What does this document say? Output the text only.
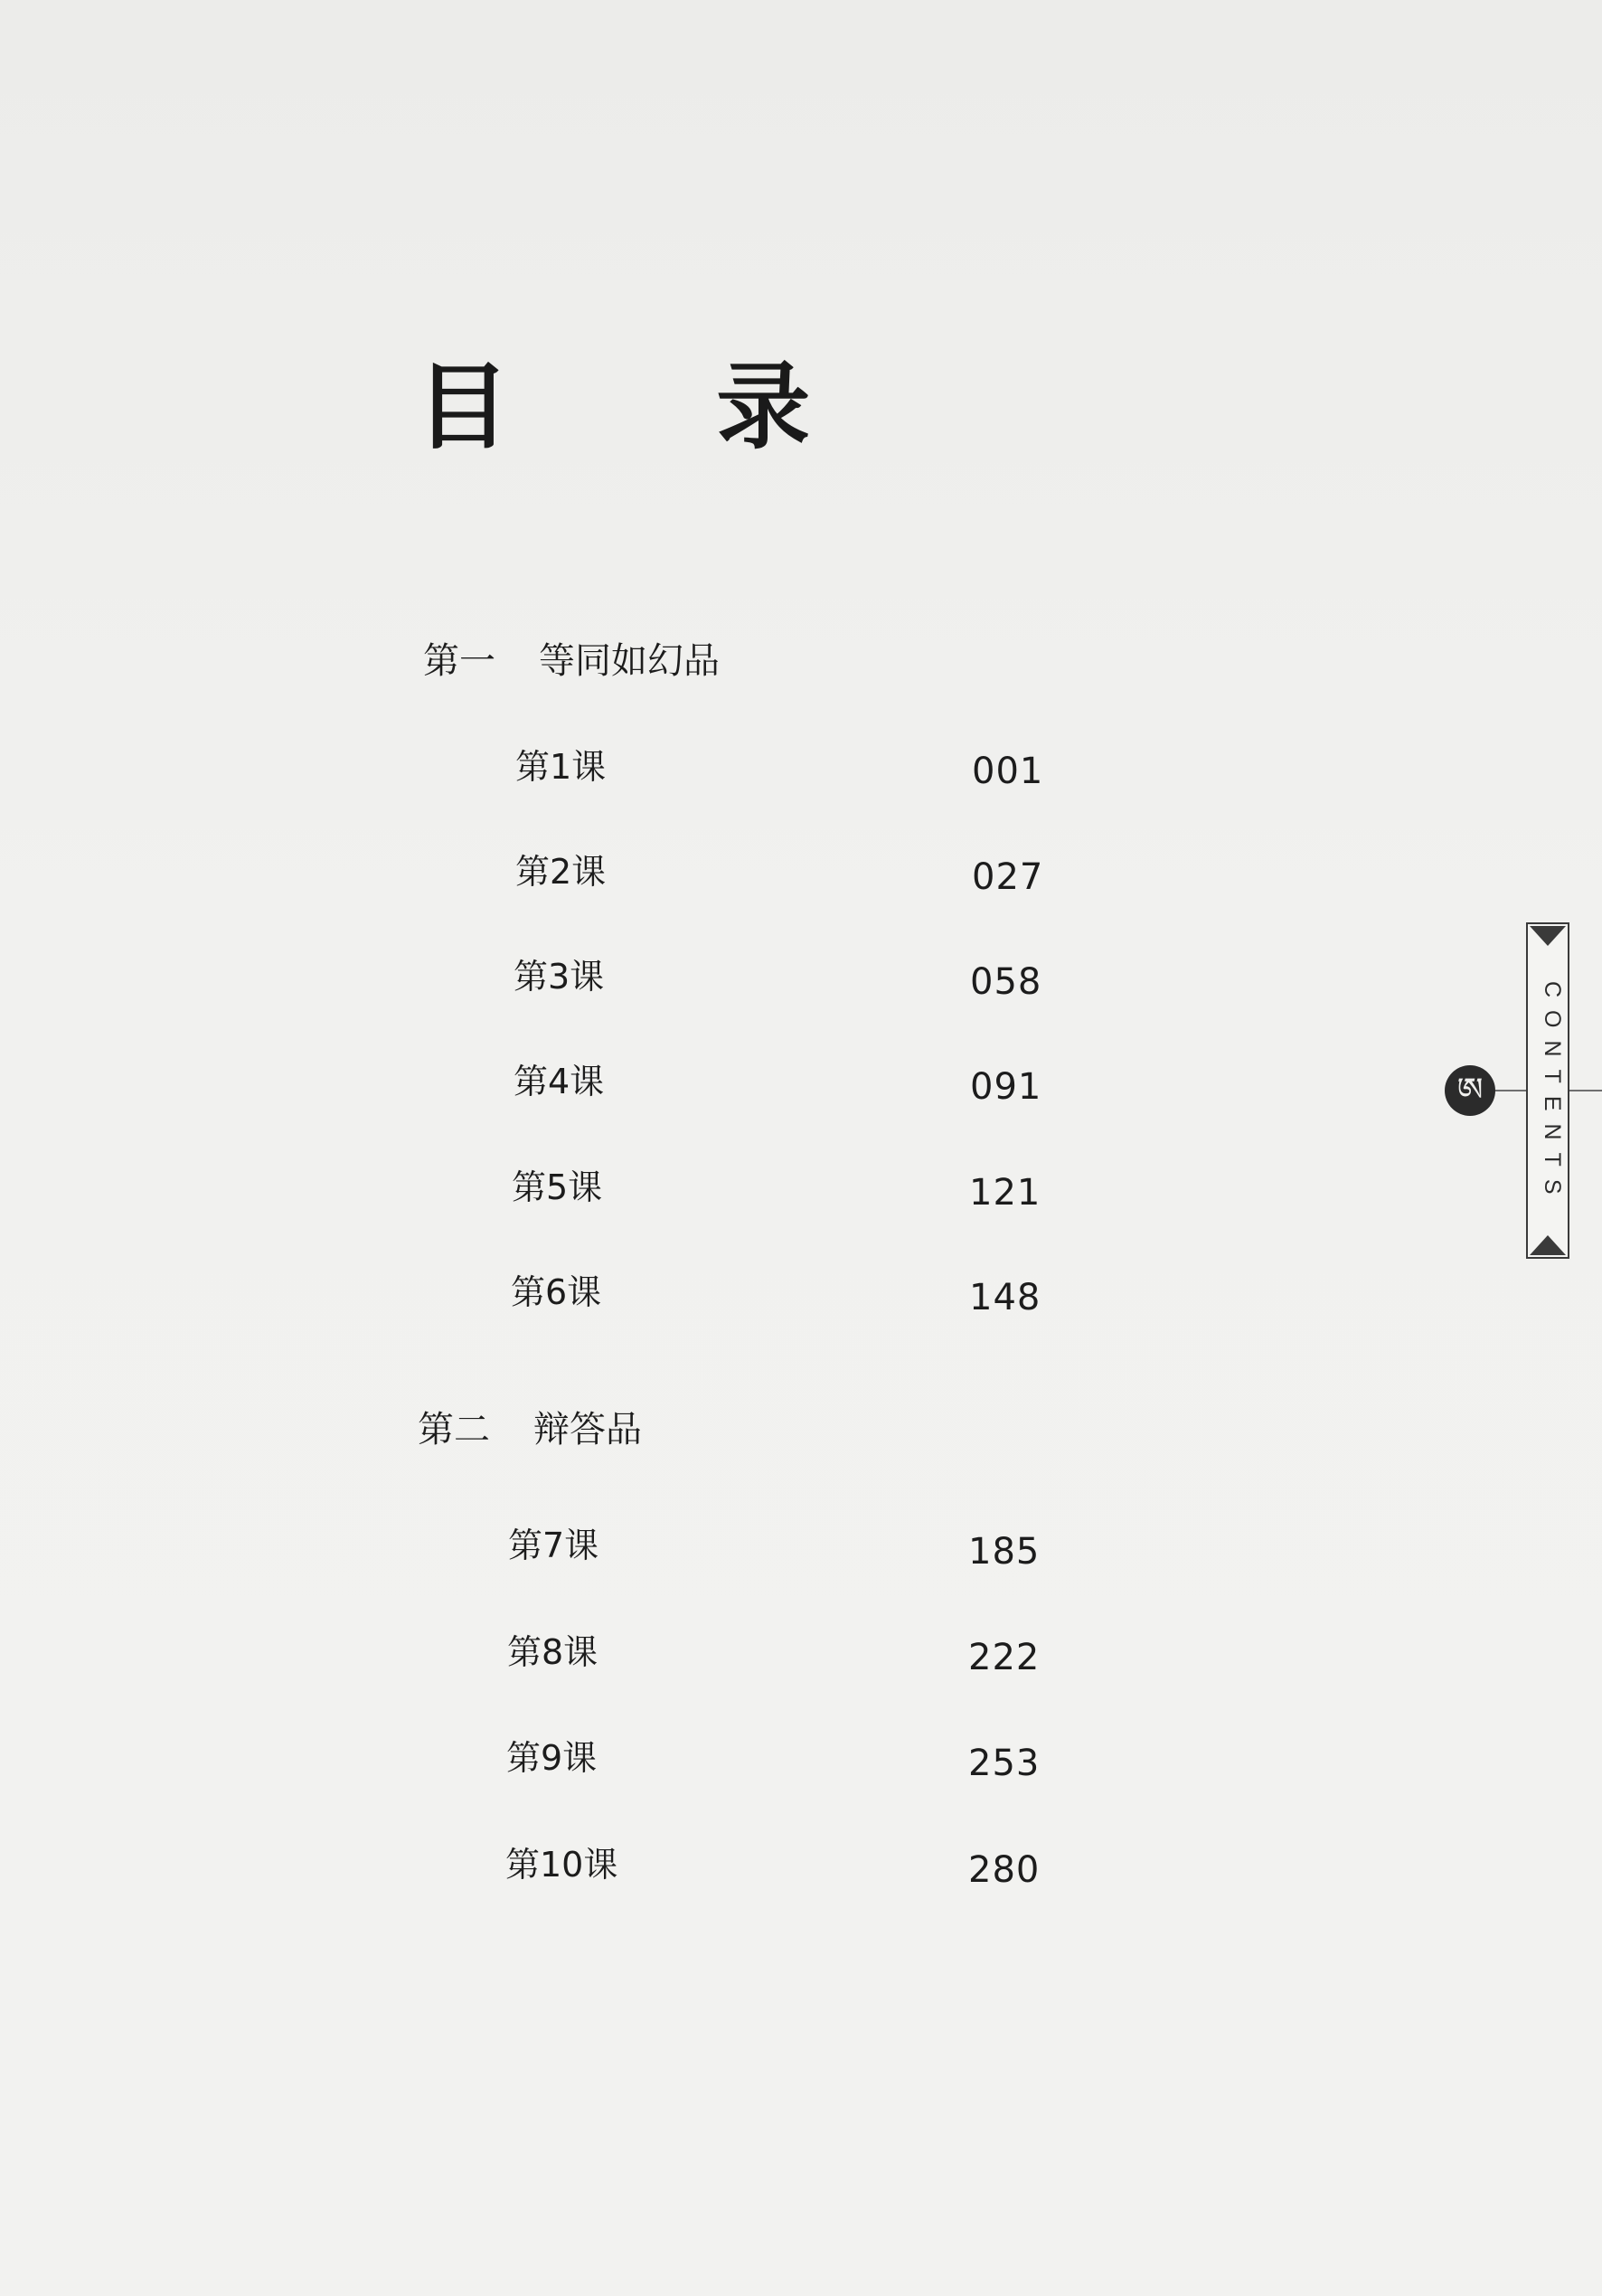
目 录
第一 等同如幻品
第1课	001
第2课	027
第3课	058
第4课	091
第5课	121
第6课	148
第二 辩答品
第7课	185
第8课	222
第9课	253
第10课	280
CONTENTS
ཨ
